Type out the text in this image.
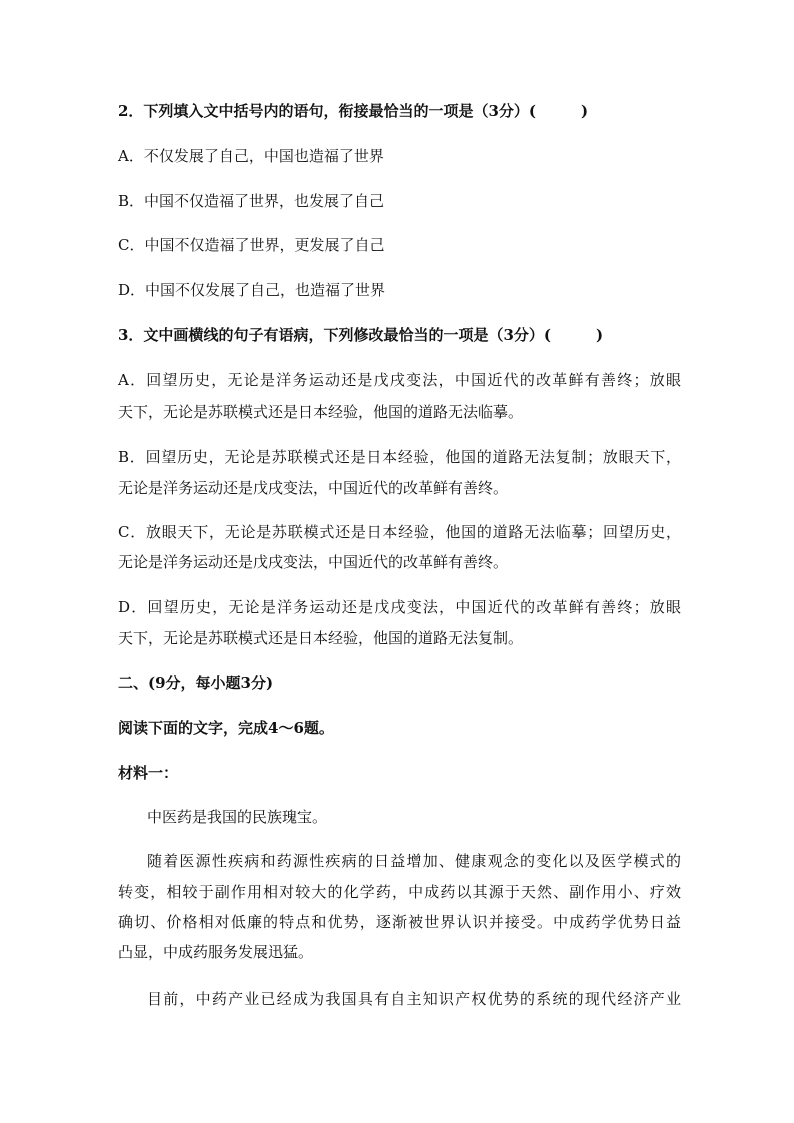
2．下列填入文中括号内的语句，衔接最恰当的一项是（3分）(　　　)
A．不仅发展了自己，中国也造福了世界
B．中国不仅造福了世界，也发展了自己
C．中国不仅造福了世界，更发展了自己
D．中国不仅发展了自己，也造福了世界
3．文中画横线的句子有语病，下列修改最恰当的一项是（3分）(　　　)
A．回望历史，无论是洋务运动还是戊戌变法，中国近代的改革鲜有善终；放眼
天下，无论是苏联模式还是日本经验，他国的道路无法临摹。
B．回望历史，无论是苏联模式还是日本经验，他国的道路无法复制；放眼天下，
无论是洋务运动还是戊戌变法，中国近代的改革鲜有善终。
C．放眼天下，无论是苏联模式还是日本经验，他国的道路无法临摹；回望历史，
无论是洋务运动还是戊戌变法，中国近代的改革鲜有善终。
D．回望历史，无论是洋务运动还是戊戌变法，中国近代的改革鲜有善终；放眼
天下，无论是苏联模式还是日本经验，他国的道路无法复制。
二、(9分，每小题3分)
阅读下面的文字，完成4～6题。
材料一：
中医药是我国的民族瑰宝。
随着医源性疾病和药源性疾病的日益增加、健康观念的变化以及医学模式的
转变，相较于副作用相对较大的化学药，中成药以其源于天然、副作用小、疗效
确切、价格相对低廉的特点和优势，逐渐被世界认识并接受。中成药学优势日益
凸显，中成药服务发展迅猛。
目前，中药产业已经成为我国具有自主知识产权优势的系统的现代经济产业
